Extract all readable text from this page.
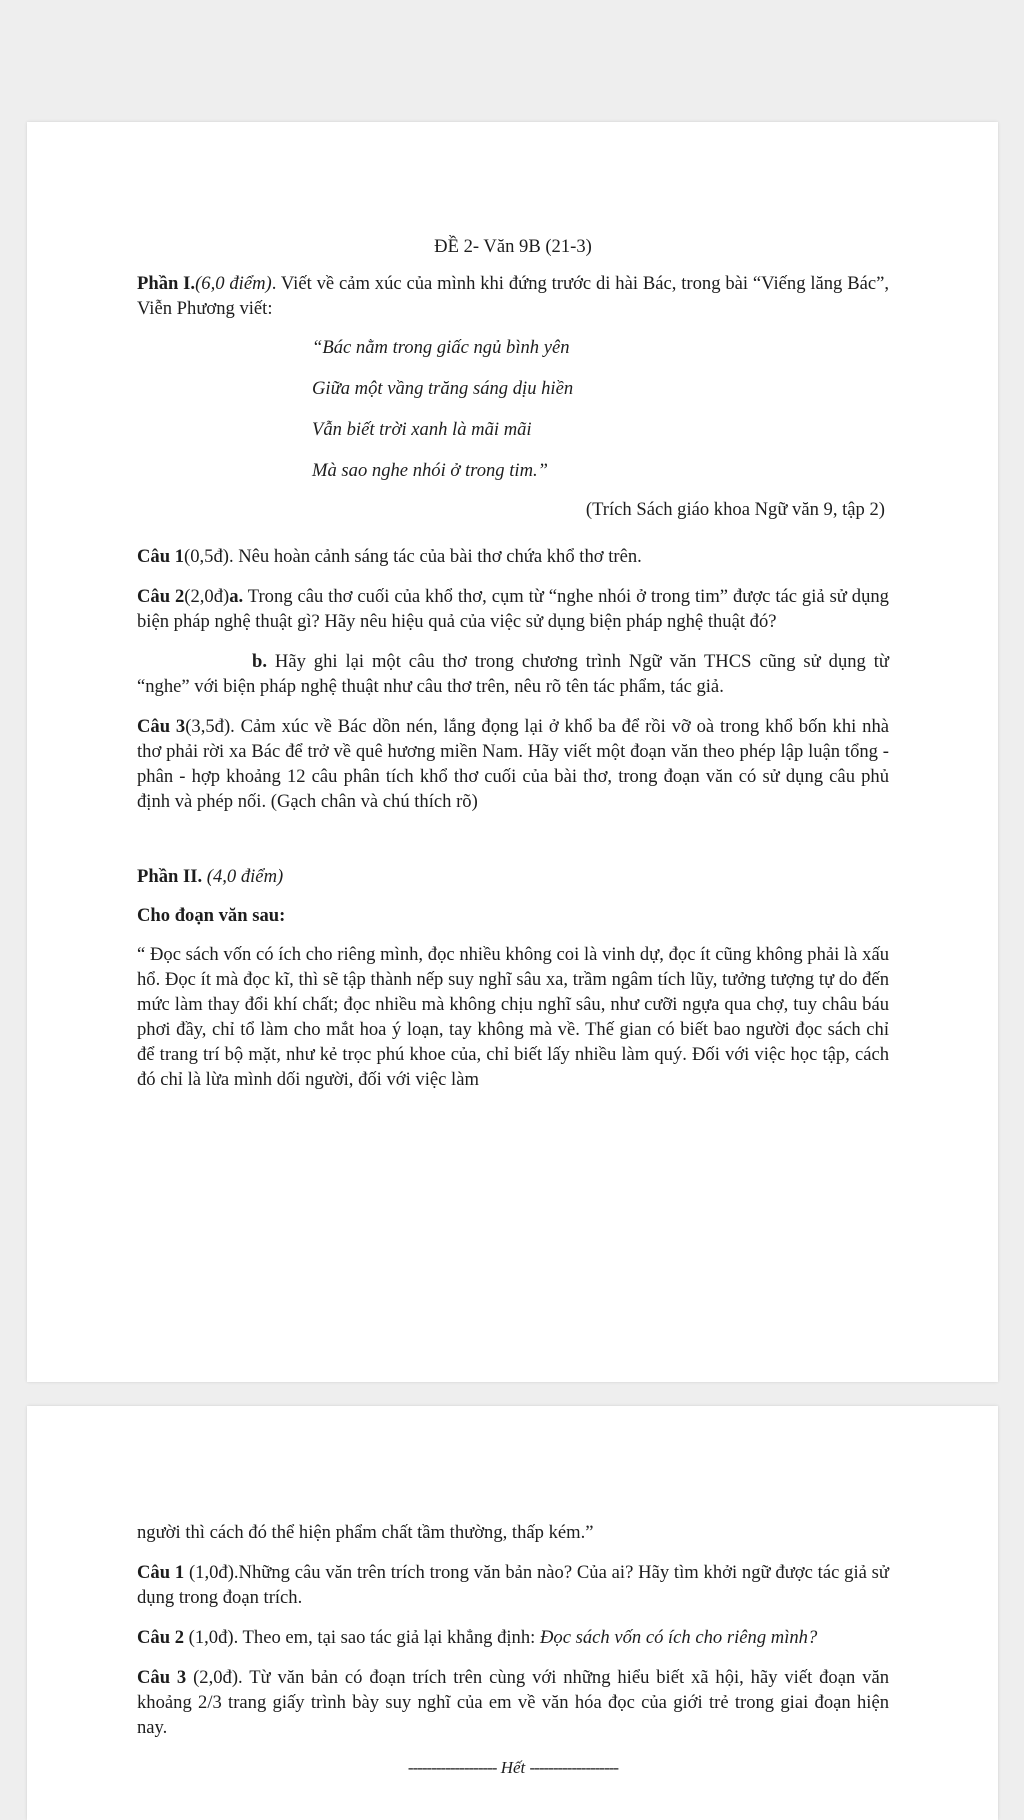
ĐỀ 2- Văn 9B (21-3)

Phần I.(6,0 điểm). Viết về cảm xúc của mình khi đứng trước di hài Bác, trong bài “Viếng lăng Bác”, Viễn Phương viết:

“Bác nằm trong giấc ngủ bình yên
Giữa một vầng trăng sáng dịu hiền
Vẫn biết trời xanh là mãi mãi
Mà sao nghe nhói ở trong tim.”

(Trích Sách giáo khoa Ngữ văn 9, tập 2)

Câu 1(0,5đ). Nêu hoàn cảnh sáng tác của bài thơ chứa khổ thơ trên.

Câu 2(2,0đ)a. Trong câu thơ cuối của khổ thơ, cụm từ “nghe nhói ở trong tim” được tác giả sử dụng biện pháp nghệ thuật gì? Hãy nêu hiệu quả của việc sử dụng biện pháp nghệ thuật đó?

b. Hãy ghi lại một câu thơ trong chương trình Ngữ văn THCS cũng sử dụng từ “nghe” với biện pháp nghệ thuật như câu thơ trên, nêu rõ tên tác phẩm, tác giả.

Câu 3(3,5đ). Cảm xúc về Bác dồn nén, lắng đọng lại ở khổ ba để rồi vỡ oà trong khổ bốn khi nhà thơ phải rời xa Bác để trở về quê hương miền Nam. Hãy viết một đoạn văn theo phép lập luận tổng - phân - hợp khoảng 12 câu phân tích khổ thơ cuối của bài thơ, trong đoạn văn có sử dụng câu phủ định và phép nối. (Gạch chân và chú thích rõ)

Phần II. (4,0 điểm)

Cho đoạn văn sau:

“ Đọc sách vốn có ích cho riêng mình, đọc nhiều không coi là vinh dự, đọc ít cũng không phải là xấu hổ. Đọc ít mà đọc kĩ, thì sẽ tập thành nếp suy nghĩ sâu xa, trầm ngâm tích lũy, tưởng tượng tự do đến mức làm thay đổi khí chất; đọc nhiều mà không chịu nghĩ sâu, như cưỡi ngựa qua chợ, tuy châu báu phơi đầy, chỉ tổ làm cho mắt hoa ý loạn, tay không mà về. Thế gian có biết bao người đọc sách chỉ để trang trí bộ mặt, như kẻ trọc phú khoe của, chỉ biết lấy nhiều làm quý. Đối với việc học tập, cách đó chỉ là lừa mình dối người, đối với việc làm

người thì cách đó thể hiện phẩm chất tầm thường, thấp kém.”

Câu 1 (1,0đ).Những câu văn trên trích trong văn bản nào? Của ai? Hãy tìm khởi ngữ được tác giả sử dụng trong đoạn trích.

Câu 2 (1,0đ). Theo em, tại sao tác giả lại khẳng định: Đọc sách vốn có ích cho riêng mình?

Câu 3 (2,0đ). Từ văn bản có đoạn trích trên cùng với những hiểu biết xã hội, hãy viết đoạn văn khoảng 2/3 trang giấy trình bày suy nghĩ của em về văn hóa đọc của giới trẻ trong giai đoạn hiện nay.

------------------- Hết -------------------
